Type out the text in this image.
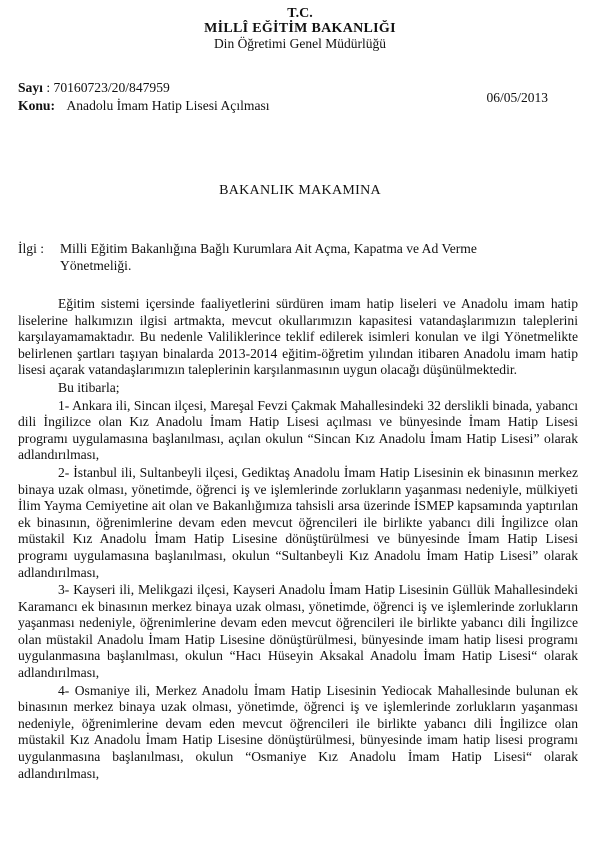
T.C.
MİLLÎ EĞİTİM BAKANLIĞI
Din Öğretimi Genel Müdürlüğü
Sayı : 70160723/20/847959
Konu: Anadolu İmam Hatip Lisesi Açılması
06/05/2013
BAKANLIK MAKAMINA
İlgi : Milli Eğitim Bakanlığına Bağlı Kurumlara Ait Açma, Kapatma ve Ad Verme
Yönetmeliği.

Eğitim sistemi içersinde faaliyetlerini sürdüren imam hatip liseleri ve Anadolu imam hatip liselerine halkımızın ilgisi artmakta, mevcut okullarımızın kapasitesi vatandaşlarımızın taleplerini karşılayamamaktadır. Bu nedenle Valiliklerince teklif edilerek isimleri konulan ve ilgi Yönetmelikte belirlenen şartları taşıyan binalarda 2013-2014 eğitim-öğretim yılından itibaren Anadolu imam hatip lisesi açarak vatandaşlarımızın taleplerinin karşılanmasının uygun olacağı düşünülmektedir.

Bu itibarla;

1- Ankara ili, Sincan ilçesi, Mareşal Fevzi Çakmak Mahallesindeki 32 derslikli binada, yabancı dili İngilizce olan Kız Anadolu İmam Hatip Lisesi açılması ve bünyesinde İmam Hatip Lisesi programı uygulamasına başlanılması, açılan okulun “Sincan Kız Anadolu İmam Hatip Lisesi” olarak adlandırılması,

2- İstanbul ili, Sultanbeyli ilçesi, Gediktaş Anadolu İmam Hatip Lisesinin ek binasının merkez binaya uzak olması, yönetimde, öğrenci iş ve işlemlerinde zorlukların yaşanması nedeniyle, mülkiyeti İlim Yayma Cemiyetine ait olan ve Bakanlığımıza tahsisli arsa üzerinde İSMEP kapsamında yaptırılan ek binasının, öğrenimlerine devam eden mevcut öğrencileri ile birlikte yabancı dili İngilizce olan müstakil Kız Anadolu İmam Hatip Lisesine dönüştürülmesi ve bünyesinde İmam Hatip Lisesi programı uygulamasına başlanılması, okulun “Sultanbeyli Kız Anadolu İmam Hatip Lisesi” olarak adlandırılması,

3- Kayseri ili, Melikgazi ilçesi, Kayseri Anadolu İmam Hatip Lisesinin Güllük Mahallesindeki Karamancı ek binasının merkez binaya uzak olması, yönetimde, öğrenci iş ve işlemlerinde zorlukların yaşanması nedeniyle, öğrenimlerine devam eden mevcut öğrencileri ile birlikte yabancı dili İngilizce olan müstakil Anadolu İmam Hatip Lisesine dönüştürülmesi, bünyesinde imam hatip lisesi programı uygulanmasına başlanılması, okulun “Hacı Hüseyin Aksakal Anadolu İmam Hatip Lisesi“ olarak adlandırılması,

4- Osmaniye ili, Merkez Anadolu İmam Hatip Lisesinin Yediocak Mahallesinde bulunan ek binasının merkez binaya uzak olması, yönetimde, öğrenci iş ve işlemlerinde zorlukların yaşanması nedeniyle, öğrenimlerine devam eden mevcut öğrencileri ile birlikte yabancı dili İngilizce olan müstakil Kız Anadolu İmam Hatip Lisesine dönüştürülmesi, bünyesinde imam hatip lisesi programı uygulanmasına başlanılması, okulun “Osmaniye Kız Anadolu İmam Hatip Lisesi“ olarak adlandırılması,
